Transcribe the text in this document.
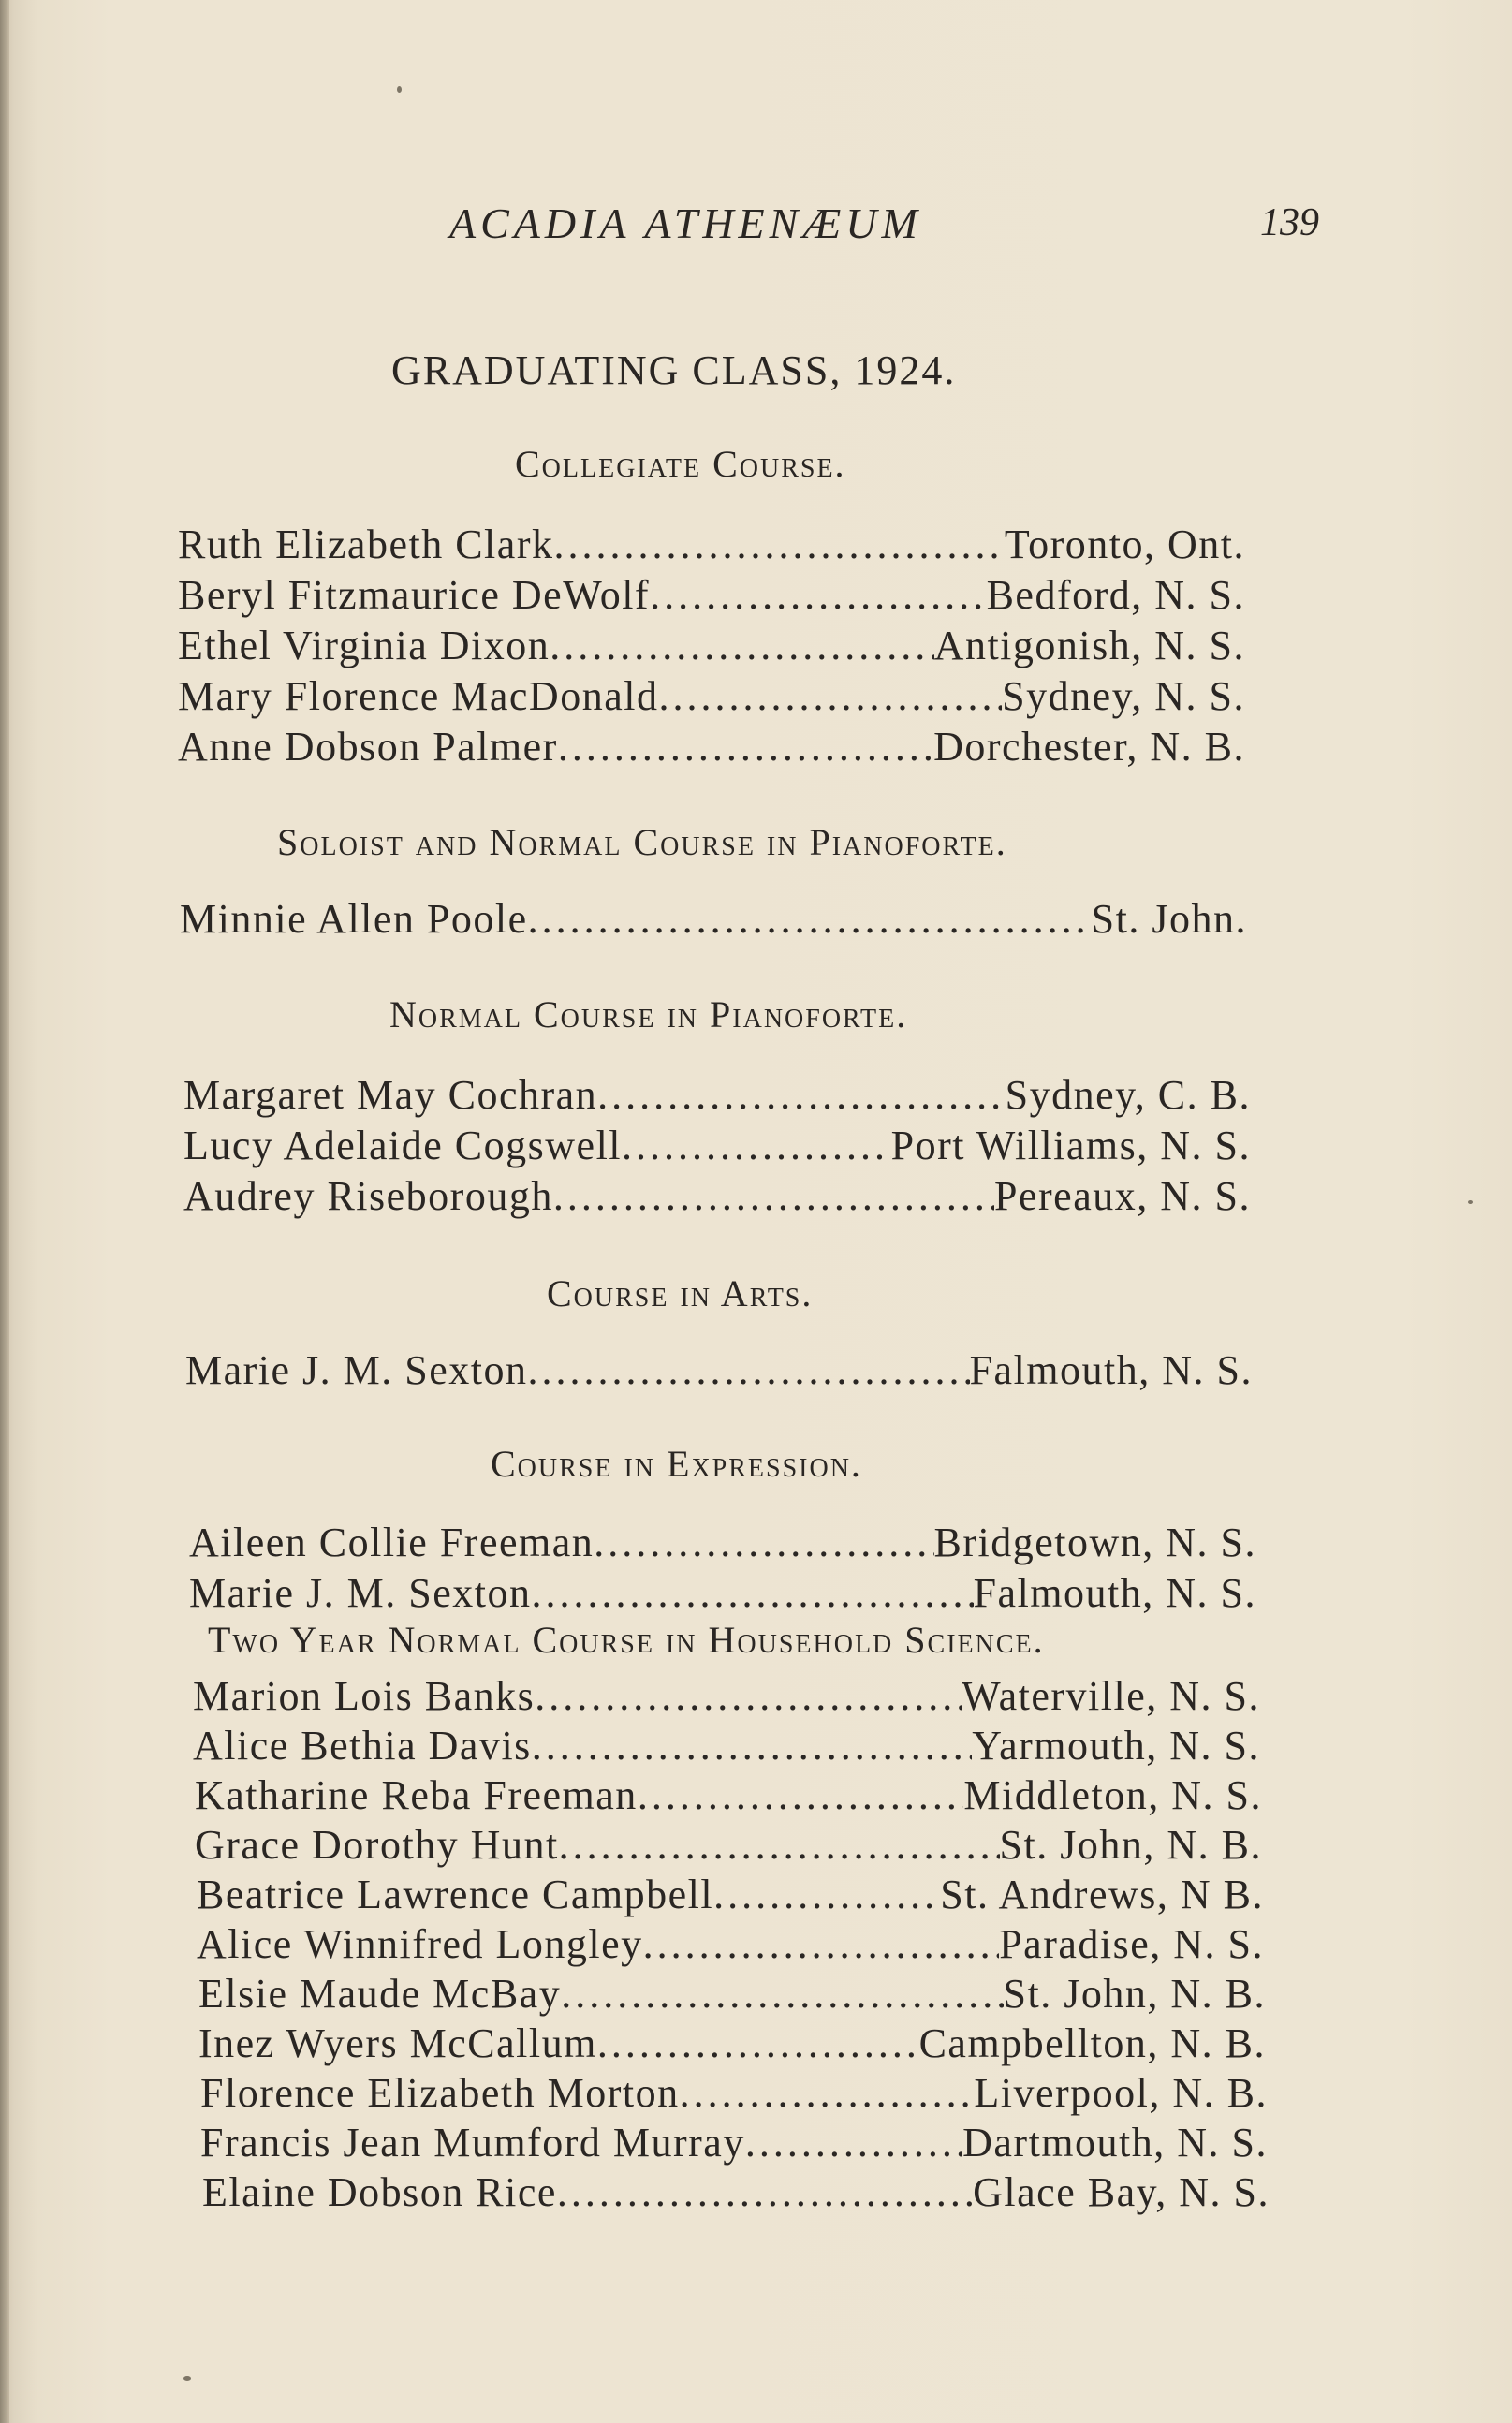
ACADIA ATHENÆUM	139
GRADUATING CLASS, 1924.
Collegiate Course.
Ruth Elizabeth Clark . . .	Toronto, Ont.
Beryl Fitzmaurice DeWolf . . .	Bedford, N. S.
Ethel Virginia Dixon . . .	Antigonish, N. S.
Mary Florence MacDonald . . .	Sydney, N. S.
Anne Dobson Palmer . . .	Dorchester, N. B.
Soloist and Normal Course in Pianoforte.
Minnie Allen Poole . . .	St. John.
Normal Course in Pianoforte.
Margaret May Cochran . . .	Sydney, C. B.
Lucy Adelaide Cogswell . . .	Port Williams, N. S.
Audrey Riseborough . . .	Pereaux, N. S.
Course in Arts.
Marie J. M. Sexton . . .	Falmouth, N. S.
Course in Expression.
Aileen Collie Freeman . . .	Bridgetown, N. S.
Marie J. M. Sexton . . .	Falmouth, N. S.
Two Year Normal Course in Household Science.
Marion Lois Banks . . .	Waterville, N. S.
Alice Bethia Davis . . .	Yarmouth, N. S.
Katharine Reba Freeman . . .	Middleton, N. S.
Grace Dorothy Hunt . . .	St. John, N. B.
Beatrice Lawrence Campbell . . .	St. Andrews, N B.
Alice Winnifred Longley . . .	Paradise, N. S.
Elsie Maude McBay . . .	St. John, N. B.
Inez Wyers McCallum . . .	Campbellton, N. B.
Florence Elizabeth Morton . . .	Liverpool, N. B.
Francis Jean Mumford Murray . . .	Dartmouth, N. S.
Elaine Dobson Rice . . .	Glace Bay, N. S.
